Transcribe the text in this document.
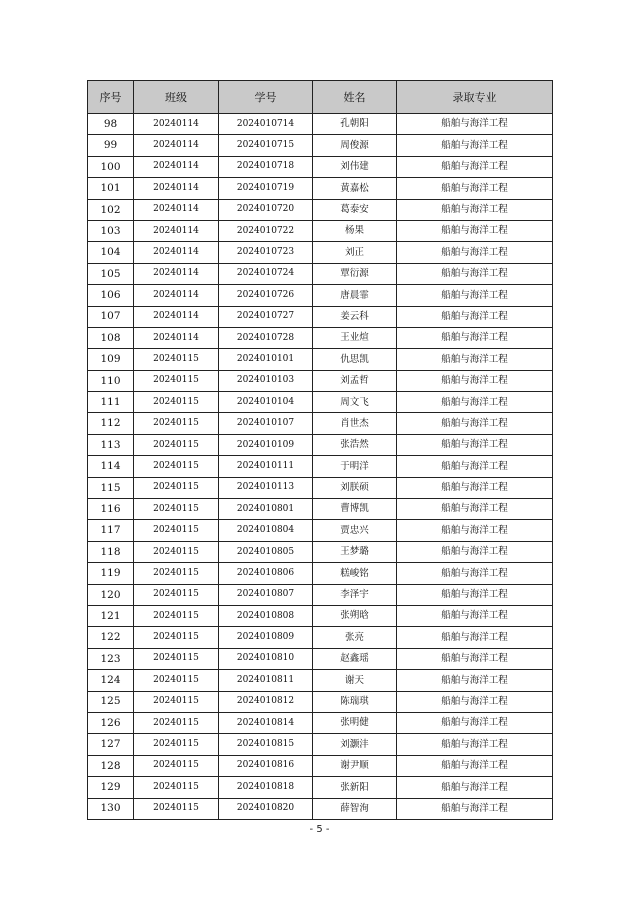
序号	班级	学号	姓名	录取专业
98	20240114	2024010714	孔朝阳	船舶与海洋工程
99	20240114	2024010715	周俊源	船舶与海洋工程
100	20240114	2024010718	刘伟建	船舶与海洋工程
101	20240114	2024010719	黄嘉松	船舶与海洋工程
102	20240114	2024010720	葛泰安	船舶与海洋工程
103	20240114	2024010722	杨果	船舶与海洋工程
104	20240114	2024010723	刘正	船舶与海洋工程
105	20240114	2024010724	覃衍源	船舶与海洋工程
106	20240114	2024010726	唐晨霏	船舶与海洋工程
107	20240114	2024010727	姜云科	船舶与海洋工程
108	20240114	2024010728	王业煊	船舶与海洋工程
109	20240115	2024010101	仇思凯	船舶与海洋工程
110	20240115	2024010103	刘孟哲	船舶与海洋工程
111	20240115	2024010104	周文飞	船舶与海洋工程
112	20240115	2024010107	肖世杰	船舶与海洋工程
113	20240115	2024010109	张浩然	船舶与海洋工程
114	20240115	2024010111	于明洋	船舶与海洋工程
115	20240115	2024010113	刘朕硕	船舶与海洋工程
116	20240115	2024010801	曹博凯	船舶与海洋工程
117	20240115	2024010804	贾忠兴	船舶与海洋工程
118	20240115	2024010805	王梦璐	船舶与海洋工程
119	20240115	2024010806	糕峻铭	船舶与海洋工程
120	20240115	2024010807	李泽宇	船舶与海洋工程
121	20240115	2024010808	张朔晗	船舶与海洋工程
122	20240115	2024010809	张亮	船舶与海洋工程
123	20240115	2024010810	赵鑫瑶	船舶与海洋工程
124	20240115	2024010811	谢天	船舶与海洋工程
125	20240115	2024010812	陈瑞琪	船舶与海洋工程
126	20240115	2024010814	张明健	船舶与海洋工程
127	20240115	2024010815	刘灏沣	船舶与海洋工程
128	20240115	2024010816	谢尹顺	船舶与海洋工程
129	20240115	2024010818	张新阳	船舶与海洋工程
130	20240115	2024010820	薛智洵	船舶与海洋工程
- 5 -
